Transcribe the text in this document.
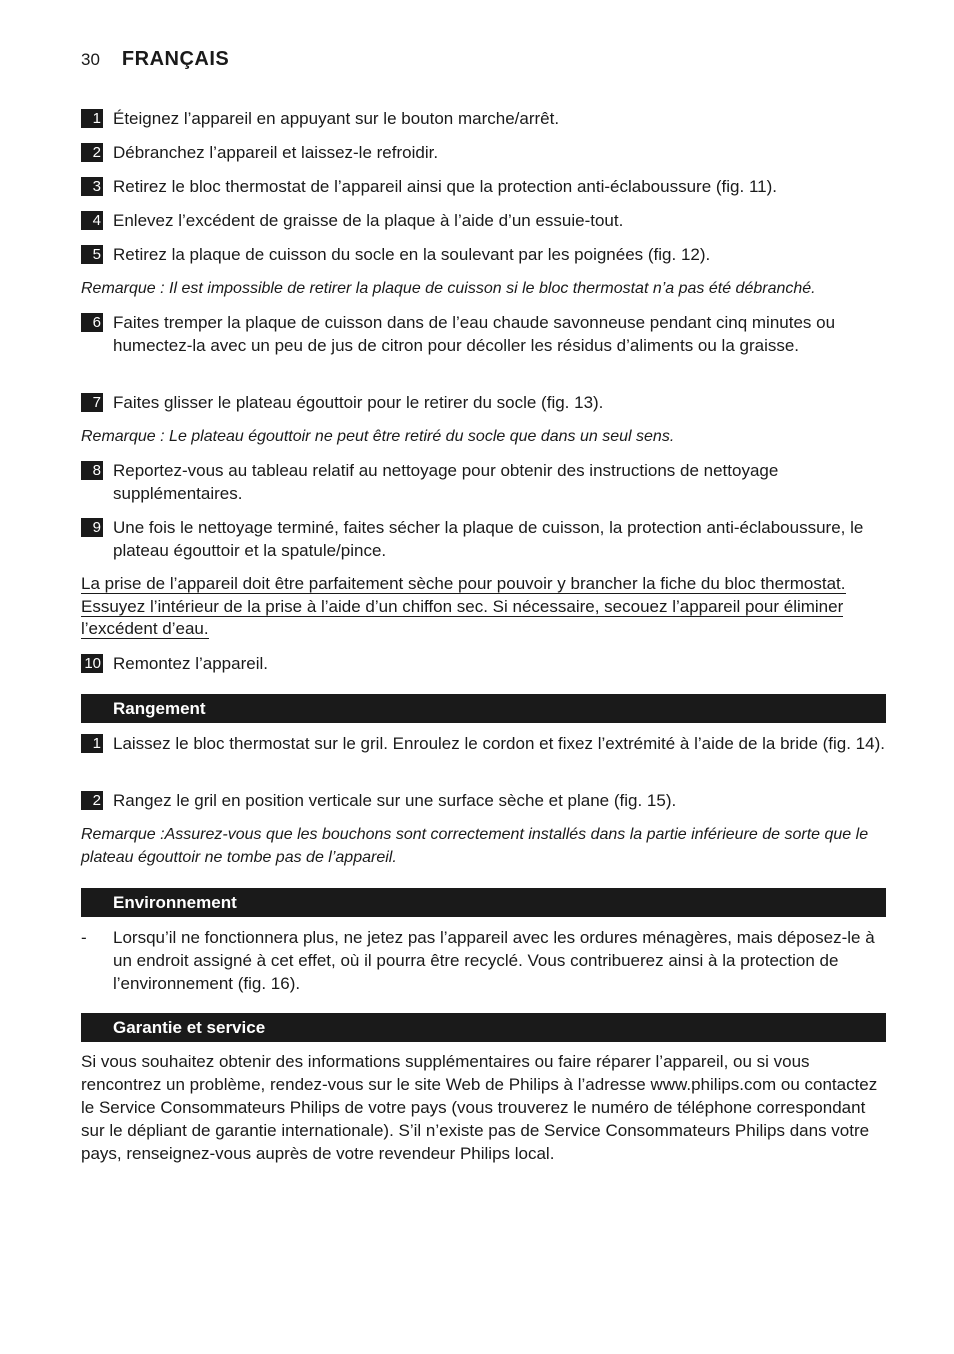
30 FRANÇAIS
1 Éteignez l’appareil en appuyant sur le bouton marche/arrêt.
2 Débranchez l’appareil et laissez-le refroidir.
3 Retirez le bloc thermostat de l’appareil ainsi que la protection anti-éclaboussure (fig. 11).
4 Enlevez l’excédent de graisse de la plaque à l’aide d’un essuie-tout.
5 Retirez la plaque de cuisson du socle en la soulevant par les poignées (fig. 12).
Remarque : Il est impossible de retirer la plaque de cuisson si le bloc thermostat n’a pas été débranché.
6 Faites tremper la plaque de cuisson dans de l’eau chaude savonneuse pendant cinq minutes ou humectez-la avec un peu de jus de citron pour décoller les résidus d’aliments ou la graisse.
7 Faites glisser le plateau égouttoir pour le retirer du socle (fig. 13).
Remarque : Le plateau égouttoir ne peut être retiré du socle que dans un seul sens.
8 Reportez-vous au tableau relatif au nettoyage pour obtenir des instructions de nettoyage supplémentaires.
9 Une fois le nettoyage terminé, faites sécher la plaque de cuisson, la protection anti-éclaboussure, le plateau égouttoir et la spatule/pince.
La prise de l’appareil doit être parfaitement sèche pour pouvoir y brancher la fiche du bloc thermostat. Essuyez l’intérieur de la prise à l’aide d’un chiffon sec. Si nécessaire, secouez l’appareil pour éliminer l’excédent d’eau.
10 Remontez l’appareil.
Rangement
1 Laissez le bloc thermostat sur le gril. Enroulez le cordon et fixez l’extrémité à l’aide de la bride (fig. 14).
2 Rangez le gril en position verticale sur une surface sèche et plane (fig. 15).
Remarque :Assurez-vous que les bouchons sont correctement installés dans la partie inférieure de sorte que le plateau égouttoir ne tombe pas de l’appareil.
Environnement
-	Lorsqu’il ne fonctionnera plus, ne jetez pas l’appareil avec les ordures ménagères, mais déposez-le à un endroit assigné à cet effet, où il pourra être recyclé. Vous contribuerez ainsi à la protection de l’environnement (fig. 16).
Garantie et service
Si vous souhaitez obtenir des informations supplémentaires ou faire réparer l’appareil, ou si vous rencontrez un problème, rendez-vous sur le site Web de Philips à l’adresse www.philips.com ou contactez le Service Consommateurs Philips de votre pays (vous trouverez le numéro de téléphone correspondant sur le dépliant de garantie internationale). S’il n’existe pas de Service Consommateurs Philips dans votre pays, renseignez-vous auprès de votre revendeur Philips local.
